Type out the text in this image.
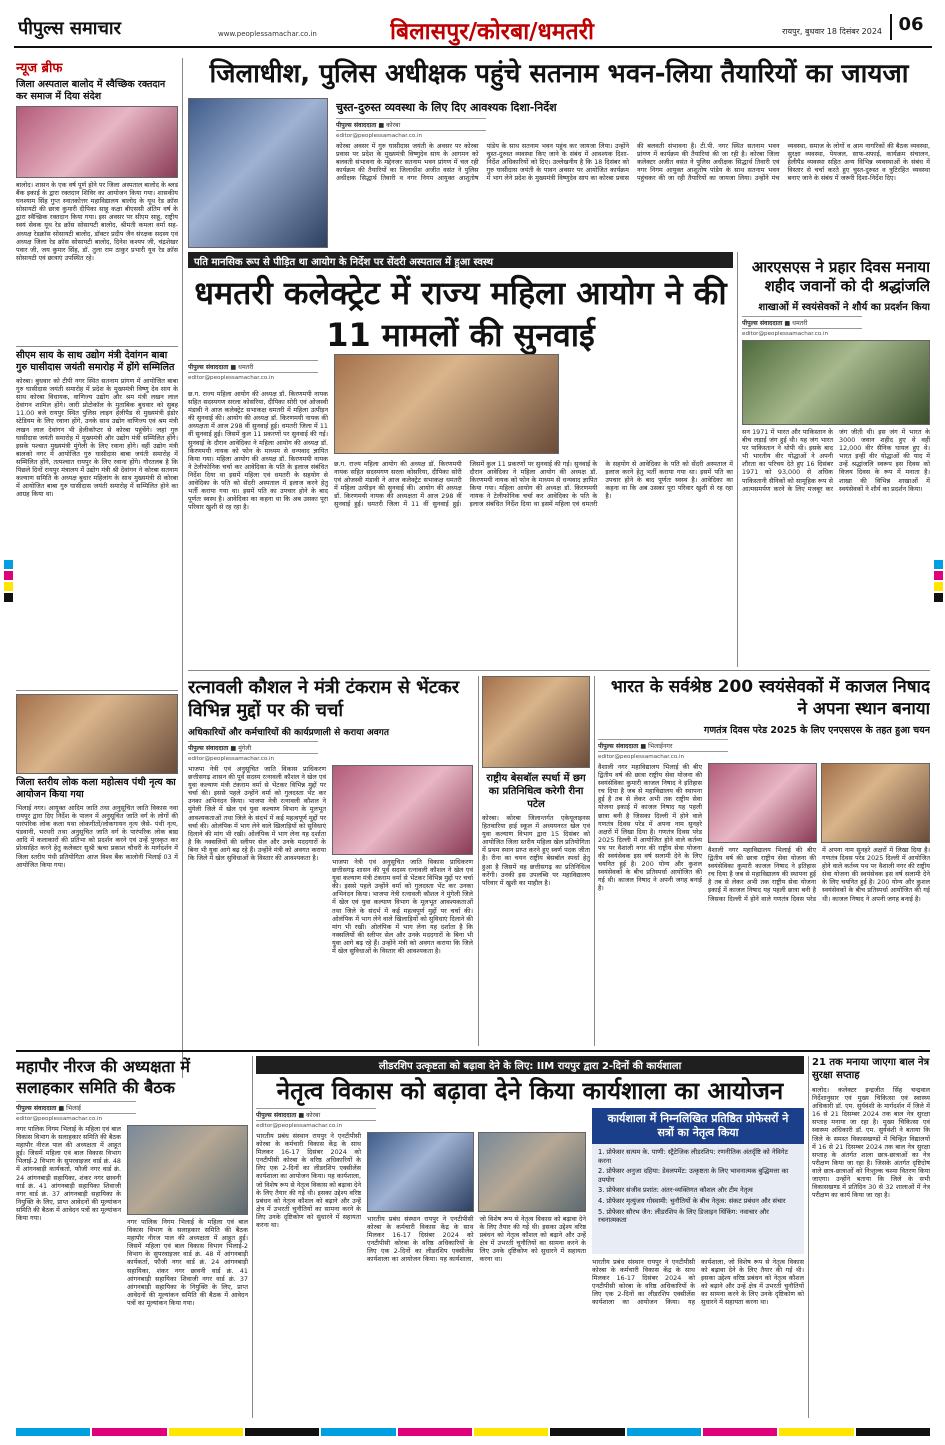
पीपुल्स समाचार	www.peoplessamachar.co.in	बिलासपुर/कोरबा/धमतरी	रायपुर, बुधवार 18 दिसंबर 2024 06
न्यूज ब्रीफ
जिला अस्पताल बालोद में स्वैच्छिक रक्तदान कर समाज में दिया संदेश
बालोद। शासन के एक वर्ष पूर्ण होने पर जिला अस्पताल बालोद के ब्लड बैंक इकाई के द्वारा रक्तदान शिविर का आयोजन किया गया। शासकीय घनश्याम सिंह गुप्त स्नातकोत्तर महाविद्यालय बालोद के यूथ रेड क्रॉस सोसायटी की छात्रा कुमारी दीपिका साहू कक्षा बीएससी अंतिम वर्ष के द्वारा स्वैच्छिक रक्तदान किया गया। इस अवसर पर सीएम साहू, राष्ट्रीय स्वयं सेवक यूथ रेड क्रॉस सोसायटी बालोद, श्रीमती कमला वर्मा सह-अध्यक्ष रेडक्रॉस सोसायटी बालोद, डॉक्टर प्रदीप जैन संरक्षक सदस्य एवं अध्यक्ष जिला रेड क्रॉस सोसायटी बालोद, दिनेश कश्यप जी, चंद्रशेखर पवार जी, जय कुमार सिंह, डॉ. तुला राम ठाकुर प्रभारी यूथ रेड क्रॉस सोसायटी एवं छात्राएं उपस्थित रहे।
सीएम साय के साथ उद्योग मंत्री देवांगन बाबा गुरु घासीदास जयंती समारोह में होंगे सम्मिलित
कोरबा। बुधवार को टीपी नगर स्थित सतनाम प्रांगण में आयोजित बाबा गुरु घासीदास जयंती समारोह में प्रदेश के मुख्यमंत्री विष्णु देव साय के साथ कोरबा विधायक, वाणिज्य उद्योग और श्रम मंत्री लखन लाल देवांगन शामिल होंगे। जारी प्रोटोकॉल के मुताबिक बुधवार को सुबह 11.00 बजे रायपुर स्थित पुलिस लाइन हेलीपैड से मुख्यमंत्री इंडोर स्टेडियम के लिए रवाना होंगे, उनके साथ उद्योग वाणिज्य एवं श्रम मंत्री लखन लाल देवांगन भी हेलीकॉप्टर से कोरबा पहुंचेंगे। जहां गुरु घासीदास जयंती समारोह में मुख्यमंत्री और उद्योग मंत्री सम्मिलित होंगे। इसके पश्चात मुख्यमंत्री मुंगेली के लिए रवाना होंगे। वहीं उद्योग मंत्री बालको नगर में आयोजित गुरु घासीदास बाबा जयंती समारोह में सम्मिलित होंगे, तत्पश्चात रायपुर के लिए रवाना होंगे। गौरतलब है कि पिछले दिनों रायपुर मंत्रालय में उद्योग मंत्री श्री देवांगन ने कोरबा सतनाम कल्याण समिति के अध्यक्ष बुधार महिलांग के साथ मुख्यमंत्री से कोरबा में आयोजित बाबा गुरु घासीदास जयंती समारोह में सम्मिलित होने का आग्रह किया था।
जिला स्तरीय लोक कला महोत्सव पंथी नृत्य का आयोजन किया गया
भिलाई नगर। आयुक्त आदिम जाति तथा अनुसूचित जाति विकास नवा रायपुर द्वारा दिए निर्देश के पालन में अनुसूचित जाति वर्ग के लोगों की पारंपरिक लोक कला यथा लोकगीतों/लोकगायन नृत्य जैसे- पंथी नृत्य, पंडवानी, भरथरी तथा अनुसूचित जाति वर्ग के पारंपरिक लोक बाद्य आदि में कलाकारों की प्रतिभा को प्रदर्शन करने एवं उन्हें पुरस्कृत कर प्रोत्साहित करने हेतु कलेक्टर सुश्री ऋचा प्रकाश चौधरी के मार्गदर्शन में जिला स्तरीय पंथी प्रतियोगिता आज विश्व बैंक कालोनी भिलाई 03 में आयोजित किया गया।
जिलाधीश, पुलिस अधीक्षक पहुंचे सतनाम भवन-लिया तैयारियों का जायजा
चुस्त-दुरुस्त व्यवस्था के लिए दिए आवश्यक दिशा-निर्देश
पीपुल्स संवाददाता ■ कोरबा
editor@peoplessamachar.co.in
कोरबा अवसर में गुरु घासीदास जयंती के अवसर पर कोरबा प्रवास पर प्रदेश के मुख्यमंत्री विष्णुदेव साय के आगमन को बलवती संभावना के मद्देनजर सतनाम भवन प्रांगण में चल रही कार्यक्रम की तैयारियों का जिलाधीश अजीत वसंत ने पुलिस अधीक्षक सिद्धार्थ तिवारी व नगर निगम आयुक्त आशुतोष पांडेय के साथ सतनाम भवन पहुंच कर जायजा लिया। उन्होंने चुस्त-दुरुस्त व्यवस्था किए जाने के संबंध में आवश्यक दिशा-निर्देश अधिकारियों को दिए। उल्लेखनीय है कि 18 दिसंबर को गुरु घासीदास जयंती के पावन अवसर पर आयोजित कार्यक्रम में भाग लेने प्रदेश के मुख्यमंत्री विष्णुदेव साय का कोरबा प्रवास की बलवती संभावना है। टी.पी. नगर स्थित सतनाम भवन प्रांगण में कार्यक्रम की तैयारियां की जा रही है। कोरबा जिला कलेक्टर अजीत वसंत ने पुलिस अधीक्षक सिद्धार्थ तिवारी एवं नगर निगम आयुक्त आशुतोष पांडेय के साथ सतनाम भवन पहुंचकर की जा रही तैयारियों का जायजा लिया। उन्होंने मंच व्यवस्था, समाज के लोगों व आम नागरिकों की बैठक व्यवस्था, सुरक्षा व्यवस्था, पेयजल, साफ-सफाई, कार्यक्रम संचालन, हेलीपैड व्यवस्था सहित अन्य विभिन्न व्यवस्थाओं के संबंध में विस्तार से चर्चा करते हुए चुस्त-दुरुस्त व त्रुटिरहित व्यवस्था बनाए जाने के संबंध में जरूरी दिशा-निर्देश दिए।
पति मानसिक रूप से पीड़ित था आयोग के निर्देश पर सेंदरी अस्पताल में हुआ स्वस्थ
धमतरी कलेक्ट्रेट में राज्य महिला आयोग ने की 11 मामलों की सुनवाई
पीपुल्स संवाददाता ■ धमतरी
editor@peoplessamachar.co.in
छ.ग. राज्य महिला आयोग की अध्यक्ष डॉ. किरणमयी नायक सहित सदस्यगण सरला कोसरिया, दीपिका सोरी एवं ओजस्वी मंडावी ने आज कलेक्ट्रेट सभाकक्ष धमतरी में महिला उत्पीड़न की सुनवाई की। आयोग की अध्यक्ष डॉ. किरणमयी नायक की अध्यक्षता में आज 298 वीं सुनवाई हुई। धमतरी जिला में 11 वीं सुनवाई हुई। जिसमें कुल 11 प्रकरणों पर सुनवाई की गई। सुनवाई के दौरान आवेदिका ने महिला आयोग की अध्यक्ष डॉ. किरणमयी नायक को फोन के माध्यम से धन्यवाद ज्ञापित किया गया। महिला आयोग की अध्यक्ष डॉ. किरणमयी नायक ने टेलीफोनिक चर्चा कर आवेदिका के पति के इलाज संबंधित निर्देश दिया था इसमें महिला एवं धमतरी के सहयोग से आवेदिका के पति को सेंदरी अस्पताल में इलाज करने हेतु भर्ती कराया गया था। इसमें पति का उपचार होने के बाद पूर्णतः स्वस्थ है। आवेदिका का कहना था कि अब उसका पूरा परिवार खुशी से रह रहा है।
छ.ग. राज्य महिला आयोग की अध्यक्ष डॉ. किरणमयी नायक सहित सदस्यगण सरला कोसरिया, दीपिका सोरी एवं ओजस्वी मंडावी ने आज कलेक्ट्रेट सभाकक्ष धमतरी में महिला उत्पीड़न की सुनवाई की। आयोग की अध्यक्ष डॉ. किरणमयी नायक की अध्यक्षता में आज 298 वीं सुनवाई हुई। धमतरी जिला में 11 वीं सुनवाई हुई। जिसमें कुल 11 प्रकरणों पर सुनवाई की गई। सुनवाई के दौरान आवेदिका ने महिला आयोग की अध्यक्ष डॉ. किरणमयी नायक को फोन के माध्यम से धन्यवाद ज्ञापित किया गया। महिला आयोग की अध्यक्ष डॉ. किरणमयी नायक ने टेलीफोनिक चर्चा कर आवेदिका के पति के इलाज संबंधित निर्देश दिया था इसमें महिला एवं धमतरी के सहयोग से आवेदिका के पति को सेंदरी अस्पताल में इलाज करने हेतु भर्ती कराया गया था। इसमें पति का उपचार होने के बाद पूर्णतः स्वस्थ है। आवेदिका का कहना था कि अब उसका पूरा परिवार खुशी से रह रहा है।
आरएसएस ने प्रहार दिवस मनाया शहीद जवानों को दी श्रद्धांजलि
शाखाओं में स्वयंसेवकों ने शौर्य का प्रदर्शन किया
पीपुल्स संवाददाता ■ धमतरी
editor@peoplessamachar.co.in
सन 1971 में भारत और पाकिस्तान के बीच लड़ाई जंग हुई थी। यह जंग भारत पर पाकिस्तान ने थोपी थी। इसके बाद भी भारतीय वीर योद्धाओं ने अपनी शौरता का परिचय देते हुए 16 दिसंबर 1971 को 93,000 से अधिक पाकिस्तानी सैनिकों को सामूहिक रूप से आत्मसमर्पण करने के लिए मजबूर कर जंग जीती थी। इस जंग में भारत के 3000 जवान शहीद हुए थे वहीं 12,000 वीर सैनिक घायल हुए थे। भारत इन्हीं वीर योद्धाओं की याद में उन्हें श्रद्धांजलि स्वरूप इस दिवस को विजय दिवस के रूप में मनाता है। शाखा की विभिन्न शाखाओं में स्वयंसेवकों ने शौर्य का प्रदर्शन किया।
रत्नावली कौशल ने मंत्री टंकराम से भेंटकर विभिन्न मुद्दों पर की चर्चा
अधिकारियों और कर्मचारियों की कार्यप्रणाली से कराया अवगत
पीपुल्स संवाददाता ■ मुंगेली
editor@peoplessamachar.co.in
भाजपा नेत्री एवं अनुसूचित जाति विकास प्राधिकरण छत्तीसगढ़ शासन की पूर्व सदस्य रत्नावली कौशल ने खेल एवं युवा कल्याण मंत्री टंकराम वर्मा से भेंटकर विभिन्न मुद्दों पर चर्चा की। इससे पहले उन्होंने वर्मा को गुलदस्ता भेंट कर उनका अभिनंदन किया। भाजपा नेत्री रत्नावली कौशल ने मुंगेली जिले में खेल एवं युवा कल्याण विभाग के मूलभूत आवश्यकताओं तथा जिले के संदर्भ में कई महत्वपूर्ण मुद्दों पर चर्चा की। ओलंपिक में भाग लेने वाले खिलाड़ियों को सुविधाएं दिलाने की मांग भी रखी। ओलंपिक में भाग लेना यह दर्शाता है कि नक्सलियों की स्लीपर सेल और उनके मददगारों के बिना भी युवा आगे बढ़ रहे हैं। उन्होंने मंत्री को अवगत कराया कि जिले में खेल सुविधाओं के विस्तार की आवश्यकता है।	भाजपा नेत्री एवं अनुसूचित जाति विकास प्राधिकरण छत्तीसगढ़ शासन की पूर्व सदस्य रत्नावली कौशल ने खेल एवं युवा कल्याण मंत्री टंकराम वर्मा से भेंटकर विभिन्न मुद्दों पर चर्चा की। इससे पहले उन्होंने वर्मा को गुलदस्ता भेंट कर उनका अभिनंदन किया। भाजपा नेत्री रत्नावली कौशल ने मुंगेली जिले में खेल एवं युवा कल्याण विभाग के मूलभूत आवश्यकताओं तथा जिले के संदर्भ में कई महत्वपूर्ण मुद्दों पर चर्चा की। ओलंपिक में भाग लेने वाले खिलाड़ियों को सुविधाएं दिलाने की मांग भी रखी। ओलंपिक में भाग लेना यह दर्शाता है कि नक्सलियों की स्लीपर सेल और उनके मददगारों के बिना भी युवा आगे बढ़ रहे हैं। उन्होंने मंत्री को अवगत कराया कि जिले में खेल सुविधाओं के विस्तार की आवश्यकता है।
राष्ट्रीय बेसबॉल स्पर्धा में छग का प्रतिनिधित्व करेगी रीना पटेल
कोरबा। कोरबा जिलान्तर्गत एकेयूलाइनस हितवारिया हाई स्कूल में अध्ययनरत खेल एवं युवा कल्याण विभाग द्वारा 15 दिसंबर को आयोजित जिला स्तरीय महिला खेल प्रतियोगिता में प्रथम स्थान प्राप्त करने हुए स्वर्ण पदक जीता है। रीना का चयन राष्ट्रीय बेसबॉल स्पर्धा हेतु हुआ है जिसमें वह छत्तीसगढ़ का प्रतिनिधित्व करेंगी। उनकी इस उपलब्धि पर महाविद्यालय परिवार में खुशी का माहौल है।
भारत के सर्वश्रेष्ठ 200 स्वयंसेवकों में काजल निषाद ने अपना स्थान बनाया
गणतंत्र दिवस परेड 2025 के लिए एनएसएस के तहत हुआ चयन
पीपुल्स संवाददाता ■ भिलाईनगर
editor@peoplessamachar.co.in
वैशाली नगर महाविद्यालय भिलाई की बीए द्वितीय वर्ष की छात्रा राष्ट्रीय सेवा योजना की स्वयंसेविका कुमारी काजल निषाद ने इतिहास रच दिया है जब से महाविद्यालय की स्थापना हुई है तब से लेकर अभी तक राष्ट्रीय सेवा योजना इकाई में काजल निषाद यह पहली छात्रा बनी है जिसका दिल्ली में होने वाले गणतंत्र दिवस परेड में अपना नाम सुनहरे अक्षरों में लिखा दिया है। गणतंत्र दिवस परेड 2025 दिल्ली में आयोजित होने वाले कर्तव्य पथ पर वैशाली नगर की राष्ट्रीय सेवा योजना की स्वयंसेवक इस वर्ष सलामी देने के लिए चयनित हुई है। 200 योग्य और कुशल स्वयंसेवकों के बीच प्रतिस्पर्धा आयोजित की गई थी। काजल निषाद ने अपनी जगह बनाई है।
वैशाली नगर महाविद्यालय भिलाई की बीए द्वितीय वर्ष की छात्रा राष्ट्रीय सेवा योजना की स्वयंसेविका कुमारी काजल निषाद ने इतिहास रच दिया है जब से महाविद्यालय की स्थापना हुई है तब से लेकर अभी तक राष्ट्रीय सेवा योजना इकाई में काजल निषाद यह पहली छात्रा बनी है जिसका दिल्ली में होने वाले गणतंत्र दिवस परेड में अपना नाम सुनहरे अक्षरों में लिखा दिया है। गणतंत्र दिवस परेड 2025 दिल्ली में आयोजित होने वाले कर्तव्य पथ पर वैशाली नगर की राष्ट्रीय सेवा योजना की स्वयंसेवक इस वर्ष सलामी देने के लिए चयनित हुई है। 200 योग्य और कुशल स्वयंसेवकों के बीच प्रतिस्पर्धा आयोजित की गई थी। काजल निषाद ने अपनी जगह बनाई है।
महापौर नीरज की अध्यक्षता में सलाहकार समिति की बैठक
पीपुल्स संवाददाता ■ भिलाई
editor@peoplessamachar.co.in
नगर पालिक निगम भिलाई के महिला एवं बाल विकास विभाग के सलाहकार समिति की बैठक महापौर नीरज पाल की अध्यक्षता में आहूत हुई। जिसमें महिला एवं बाल विकास विभाग भिलाई-2 विभाग के सुपरवाइजर वार्ड क्रं. 48 में आंगनबाड़ी कार्यकर्ता, फौजी नगर वार्ड क्रं. 24 आंगनबाड़ी सहायिका, शंकर नगर छावनी वार्ड क्रं. 41 आंगनबाड़ी सहायिका शिवाजी नगर वार्ड क्रं. 37 आंगनबाड़ी सहायिका के नियुक्ति के लिए, प्राप्त आवेदनों की मूल्यांकन समिति की बैठक में आवेदन पत्रों का मूल्यांकन किया गया।	नगर पालिक निगम भिलाई के महिला एवं बाल विकास विभाग के सलाहकार समिति की बैठक महापौर नीरज पाल की अध्यक्षता में आहूत हुई। जिसमें महिला एवं बाल विकास विभाग भिलाई-2 विभाग के सुपरवाइजर वार्ड क्रं. 48 में आंगनबाड़ी कार्यकर्ता, फौजी नगर वार्ड क्रं. 24 आंगनबाड़ी सहायिका, शंकर नगर छावनी वार्ड क्रं. 41 आंगनबाड़ी सहायिका शिवाजी नगर वार्ड क्रं. 37 आंगनबाड़ी सहायिका के नियुक्ति के लिए, प्राप्त आवेदनों की मूल्यांकन समिति की बैठक में आवेदन पत्रों का मूल्यांकन किया गया।
लीडरशिप उत्कृष्टता को बढ़ावा देने के लिए: IIM रायपुर द्वारा 2-दिनों की कार्यशाला
नेतृत्व विकास को बढ़ावा देने किया कार्यशाला का आयोजन
पीपुल्स संवाददाता ■ कोरबा
editor@peoplessamachar.co.in
भारतीय प्रबंध संस्थान रायपुर ने एनटीपीसी कोरबा के कर्मचारी विकास केंद्र के साथ मिलकर 16-17 दिसंबर 2024 को एनटीपीसी कोरबा के वरिष्ठ अधिकारियों के लिए एक 2-दिनों का लीडरशिप एक्सीलेंस कार्यशाला का आयोजन किया। यह कार्यशाला, जो विशेष रूप से नेतृत्व विकास को बढ़ावा देने के लिए तैयार की गई थी। इसका उद्देश्य वरिष्ठ प्रबंधन को नेतृत्व कौशल को बढ़ाने और उन्हें क्षेत्र में उभरती चुनौतियों का सामना करने के लिए उनके दृष्टिकोण को सुधारने में सहायता करना था।
भारतीय प्रबंध संस्थान रायपुर ने एनटीपीसी कोरबा के कर्मचारी विकास केंद्र के साथ मिलकर 16-17 दिसंबर 2024 को एनटीपीसी कोरबा के वरिष्ठ अधिकारियों के लिए एक 2-दिनों का लीडरशिप एक्सीलेंस कार्यशाला का आयोजन किया। यह कार्यशाला, जो विशेष रूप से नेतृत्व विकास को बढ़ावा देने के लिए तैयार की गई थी। इसका उद्देश्य वरिष्ठ प्रबंधन को नेतृत्व कौशल को बढ़ाने और उन्हें क्षेत्र में उभरती चुनौतियों का सामना करने के लिए उनके दृष्टिकोण को सुधारने में सहायता करना था।
कार्यशाला में निम्नलिखित प्रतिष्ठित प्रोफेसरों ने सत्रों का नेतृत्व किया
1. प्रोफेसर सत्यम के. पाणी: स्ट्रैटेजिक लीडरशिप: रणनीतिक अंतर्दृष्टि को नेविगेट करना
2. प्रोफेसर अनुजा दहिया: डेवलपमेंट: उत्कृष्टता के लिए भावनात्मक बुद्धिमत्ता का उपयोग
3. प्रोफेसर संजीव प्रशांत: अंतर-व्यक्तिगत कौशल और टीम नेतृत्व
4. प्रोफेसर मृत्युंजय गोस्वामी: चुनौतियों के बीच नेतृत्व: संकट प्रबंधन और संचार
5. प्रोफेसर सौरभ जैन: लीडरशिप के लिए डिजाइन थिंकिंग: नवाचार और रचनात्मकता
भारतीय प्रबंध संस्थान रायपुर ने एनटीपीसी कोरबा के कर्मचारी विकास केंद्र के साथ मिलकर 16-17 दिसंबर 2024 को एनटीपीसी कोरबा के वरिष्ठ अधिकारियों के लिए एक 2-दिनों का लीडरशिप एक्सीलेंस कार्यशाला का आयोजन किया। यह कार्यशाला, जो विशेष रूप से नेतृत्व विकास को बढ़ावा देने के लिए तैयार की गई थी। इसका उद्देश्य वरिष्ठ प्रबंधन को नेतृत्व कौशल को बढ़ाने और उन्हें क्षेत्र में उभरती चुनौतियों का सामना करने के लिए उनके दृष्टिकोण को सुधारने में सहायता करना था।
21 तक मनाया जाएगा बाल नेत्र सुरक्षा सप्ताह
बालोद। कलेक्टर इन्द्रजीत सिंह चन्द्रवाल निर्देशानुसार एवं मुख्य चिकित्सा एवं स्वास्थ्य अधिकारी डॉ. एम. सुर्यवंशी के मार्गदर्शन में जिले में 16 से 21 दिसम्बर 2024 तक बाल नेत्र सुरक्षा सप्ताह मनाया जा रहा है। मुख्य चिकित्सा एवं स्वास्थ्य अधिकारी डॉ. एम. सुर्यवंशी ने बताया कि जिले के समस्त विकासखण्डों में चिन्हित विद्यालयों में 16 से 21 दिसम्बर 2024 तक बाल नेत्र सुरक्षा सप्ताह के अंतर्गत शाला छात्र-छात्राओं का नेत्र परीक्षण किया जा रहा है। जिसके अंतर्गत दृष्टिदोष वाले छात्र-छात्राओं को निःशुल्क चश्मा वितरण किया जाएगा। उन्होंने बताया कि जिले के सभी विकासखण्ड में प्रतिदिन 30 से 32 शालाओं में नेत्र परीक्षण का कार्य किया जा रहा है।
